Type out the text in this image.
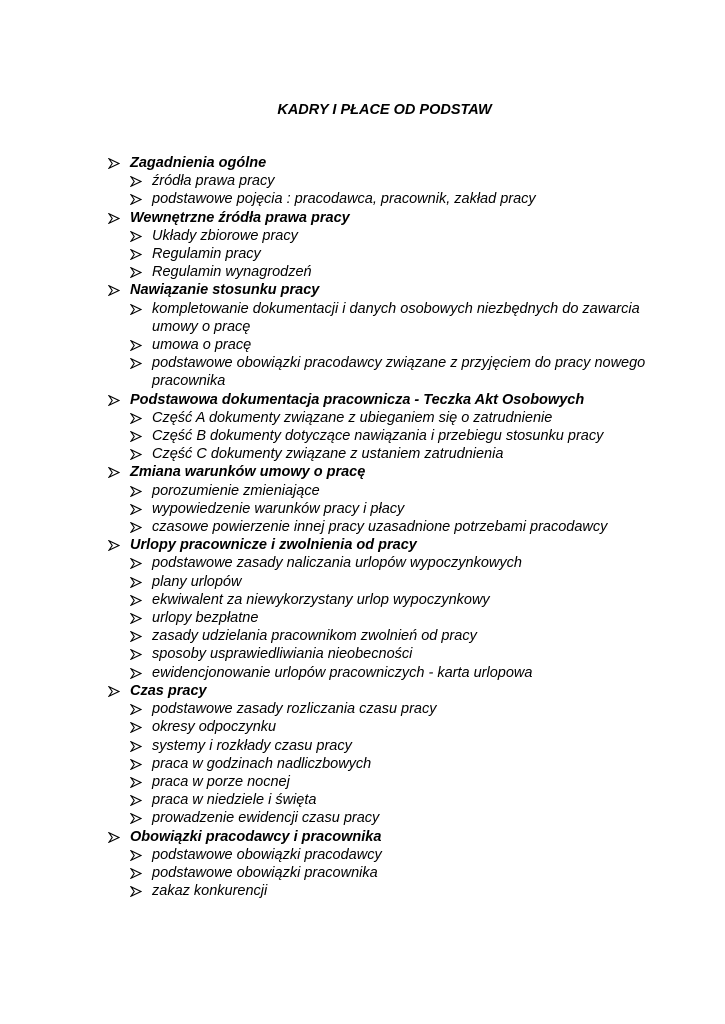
KADRY I PŁACE OD PODSTAW
Zagadnienia ogólne
źródła prawa pracy
podstawowe pojęcia : pracodawca, pracownik, zakład pracy
Wewnętrzne źródła prawa pracy
Układy zbiorowe pracy
Regulamin pracy
Regulamin wynagrodzeń
Nawiązanie stosunku pracy
kompletowanie dokumentacji i danych osobowych niezbędnych do zawarcia umowy o pracę
umowa o pracę
podstawowe obowiązki pracodawcy związane z przyjęciem do pracy nowego pracownika
Podstawowa dokumentacja pracownicza - Teczka Akt Osobowych
Część A dokumenty związane z ubieganiem się o zatrudnienie
Część B dokumenty dotyczące nawiązania i przebiegu stosunku pracy
Część C dokumenty związane z ustaniem zatrudnienia
Zmiana warunków umowy o pracę
porozumienie zmieniające
wypowiedzenie warunków pracy i płacy
czasowe powierzenie innej pracy uzasadnione potrzebami pracodawcy
Urlopy pracownicze i zwolnienia od pracy
podstawowe zasady naliczania urlopów wypoczynkowych
plany urlopów
ekwiwalent za niewykorzystany urlop wypoczynkowy
urlopy bezpłatne
zasady udzielania pracownikom zwolnień od pracy
sposoby usprawiedliwiania nieobecności
ewidencjonowanie urlopów pracowniczych - karta urlopowa
Czas pracy
podstawowe zasady rozliczania czasu pracy
okresy odpoczynku
systemy i rozkłady czasu pracy
praca w godzinach nadliczbowych
praca w porze nocnej
praca w niedziele i święta
prowadzenie ewidencji czasu pracy
Obowiązki pracodawcy i pracownika
podstawowe obowiązki pracodawcy
podstawowe obowiązki pracownika
zakaz konkurencji
